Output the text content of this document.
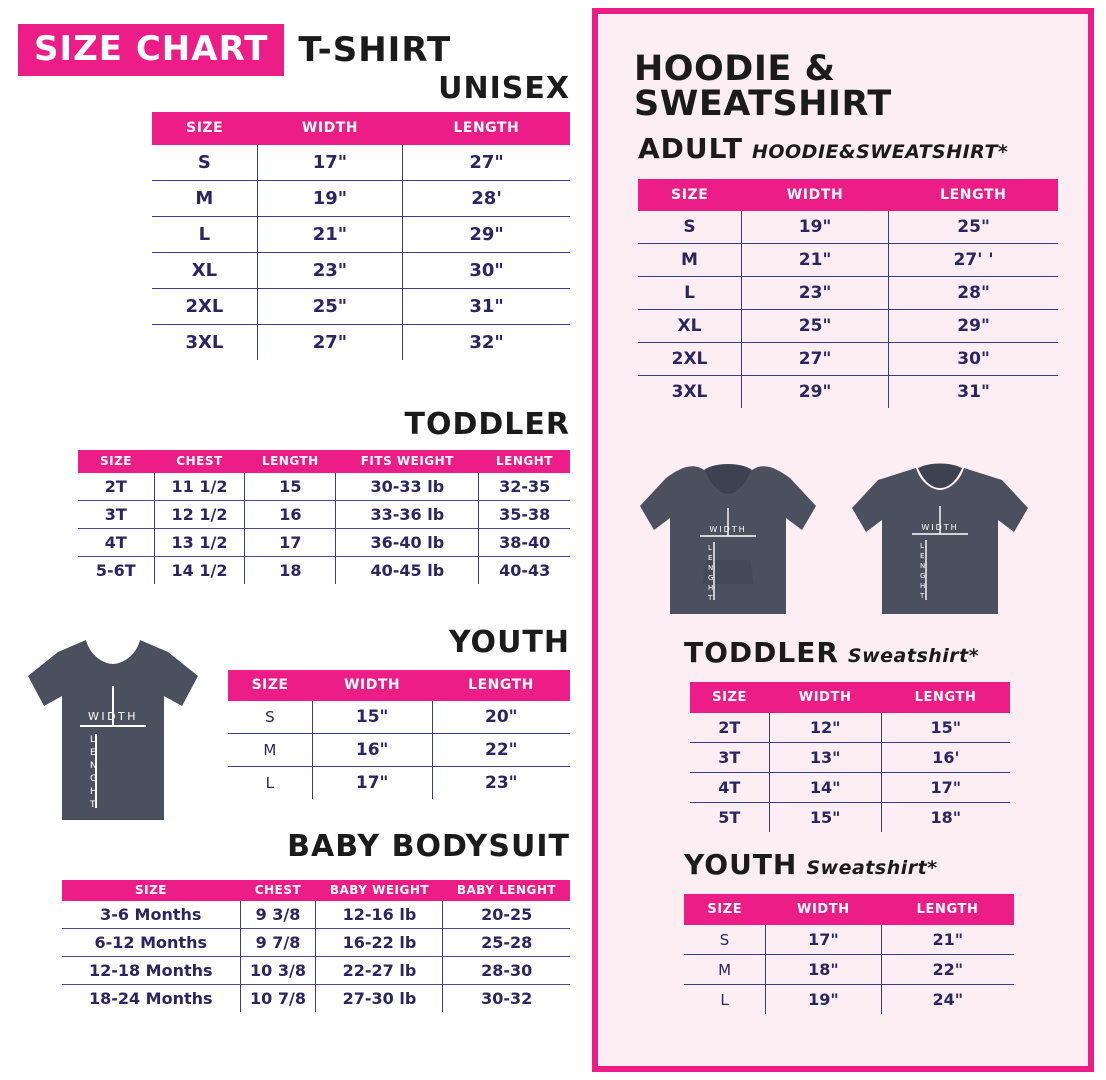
SIZE CHART T-SHIRT
UNISEX
SIZE	WIDTH	LENGTH
S	17"	27"
M	19"	28'
L	21"	29"
XL	23"	30"
2XL	25"	31"
3XL	27"	32"
TODDLER
SIZE	CHEST	LENGTH	FITS WEIGHT	LENGHT
2T	11 1/2	15	30-33 lb	32-35
3T	12 1/2	16	33-36 lb	35-38
4T	13 1/2	17	36-40 lb	38-40
5-6T	14 1/2	18	40-45 lb	40-43
WIDTH
L
E
N
G
H
T
YOUTH
SIZE	WIDTH	LENGTH
S	15"	20"
M	16"	22"
L	17"	23"
BABY BODYSUIT
SIZE	CHEST	BABY WEIGHT	BABY LENGHT
3-6 Months	9 3/8	12-16 lb	20-25
6-12 Months	9 7/8	16-22 lb	25-28
12-18 Months	10 3/8	22-27 lb	28-30
18-24 Months	10 7/8	27-30 lb	30-32
HOODIE & SWEATSHIRT
ADULT HOODIE&SWEATSHIRT*
SIZE	WIDTH	LENGTH
S	19"	25"
M	21"	27' '
L	23"	28"
XL	25"	29"
2XL	27"	30"
3XL	29"	31"
WIDTH
L
E
N
G
H
T
WIDTH
L
E
N
G
H
T
TODDLER Sweatshirt*
SIZE	WIDTH	LENGTH
2T	12"	15"
3T	13"	16'
4T	14"	17"
5T	15"	18"
YOUTH Sweatshirt*
SIZE	WIDTH	LENGTH
S	17"	21"
M	18"	22"
L	19"	24"
